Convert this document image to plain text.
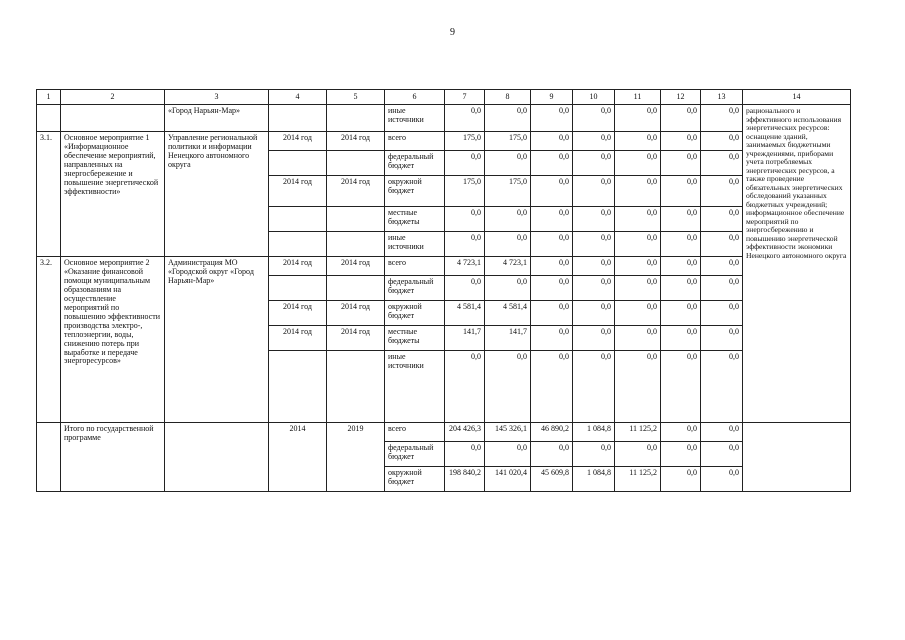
9
1	2	3	4	5	6	7	8	9	10	11	12	13	14
		«Город Нарьян-Мар»			иные источники	0,0	0,0	0,0	0,0	0,0	0,0	0,0	рационального и эффективного использования энергетических ресурсов: оснащение зданий, занимаемых бюджетными учреждениями, приборами учета потребляемых энергетических ресурсов, а также проведение обязательных энергетических обследований указанных бюджетных учреждений; информационное обеспечение мероприятий по энергосбережению и повышению энергетической эффективности экономики Ненецкого автономного округа
3.1.	Основное мероприятие 1 «Информационное обеспечение мероприятий, направленных на энергосбережение и повышение энергетической эффективности»	Управление региональной политики и информации Ненецкого автономного округа	2014 год	2014 год	всего	175,0	175,0	0,0	0,0	0,0	0,0	0,0	
					федеральный бюджет	0,0	0,0	0,0	0,0	0,0	0,0	0,0	
			2014 год	2014 год	окружной бюджет	175,0	175,0	0,0	0,0	0,0	0,0	0,0	
					местные бюджеты	0,0	0,0	0,0	0,0	0,0	0,0	0,0	
					иные источники	0,0	0,0	0,0	0,0	0,0	0,0	0,0	
3.2.	Основное мероприятие 2 «Оказание финансовой помощи муниципальным образованиям на осуществление мероприятий по повышению эффективности производства электро-, теплоэнергии, воды, снижению потерь при выработке и передаче энергоресурсов»	Администрация МО «Городской округ «Город Нарьян-Мар»	2014 год	2014 год	всего	4 723,1	4 723,1	0,0	0,0	0,0	0,0	0,0	
					федеральный бюджет	0,0	0,0	0,0	0,0	0,0	0,0	0,0	
			2014 год	2014 год	окружной бюджет	4 581,4	4 581,4	0,0	0,0	0,0	0,0	0,0	
			2014 год	2014 год	местные бюджеты	141,7	141,7	0,0	0,0	0,0	0,0	0,0	
					иные источники	0,0	0,0	0,0	0,0	0,0	0,0	0,0	
	Итого по государственной программе		2014	2019	всего	204 426,3	145 326,1	46 890,2	1 084,8	11 125,2	0,0	0,0	
					федеральный бюджет	0,0	0,0	0,0	0,0	0,0	0,0	0,0	
					окружной бюджет	198 840,2	141 020,4	45 609,8	1 084,8	11 125,2	0,0	0,0	
